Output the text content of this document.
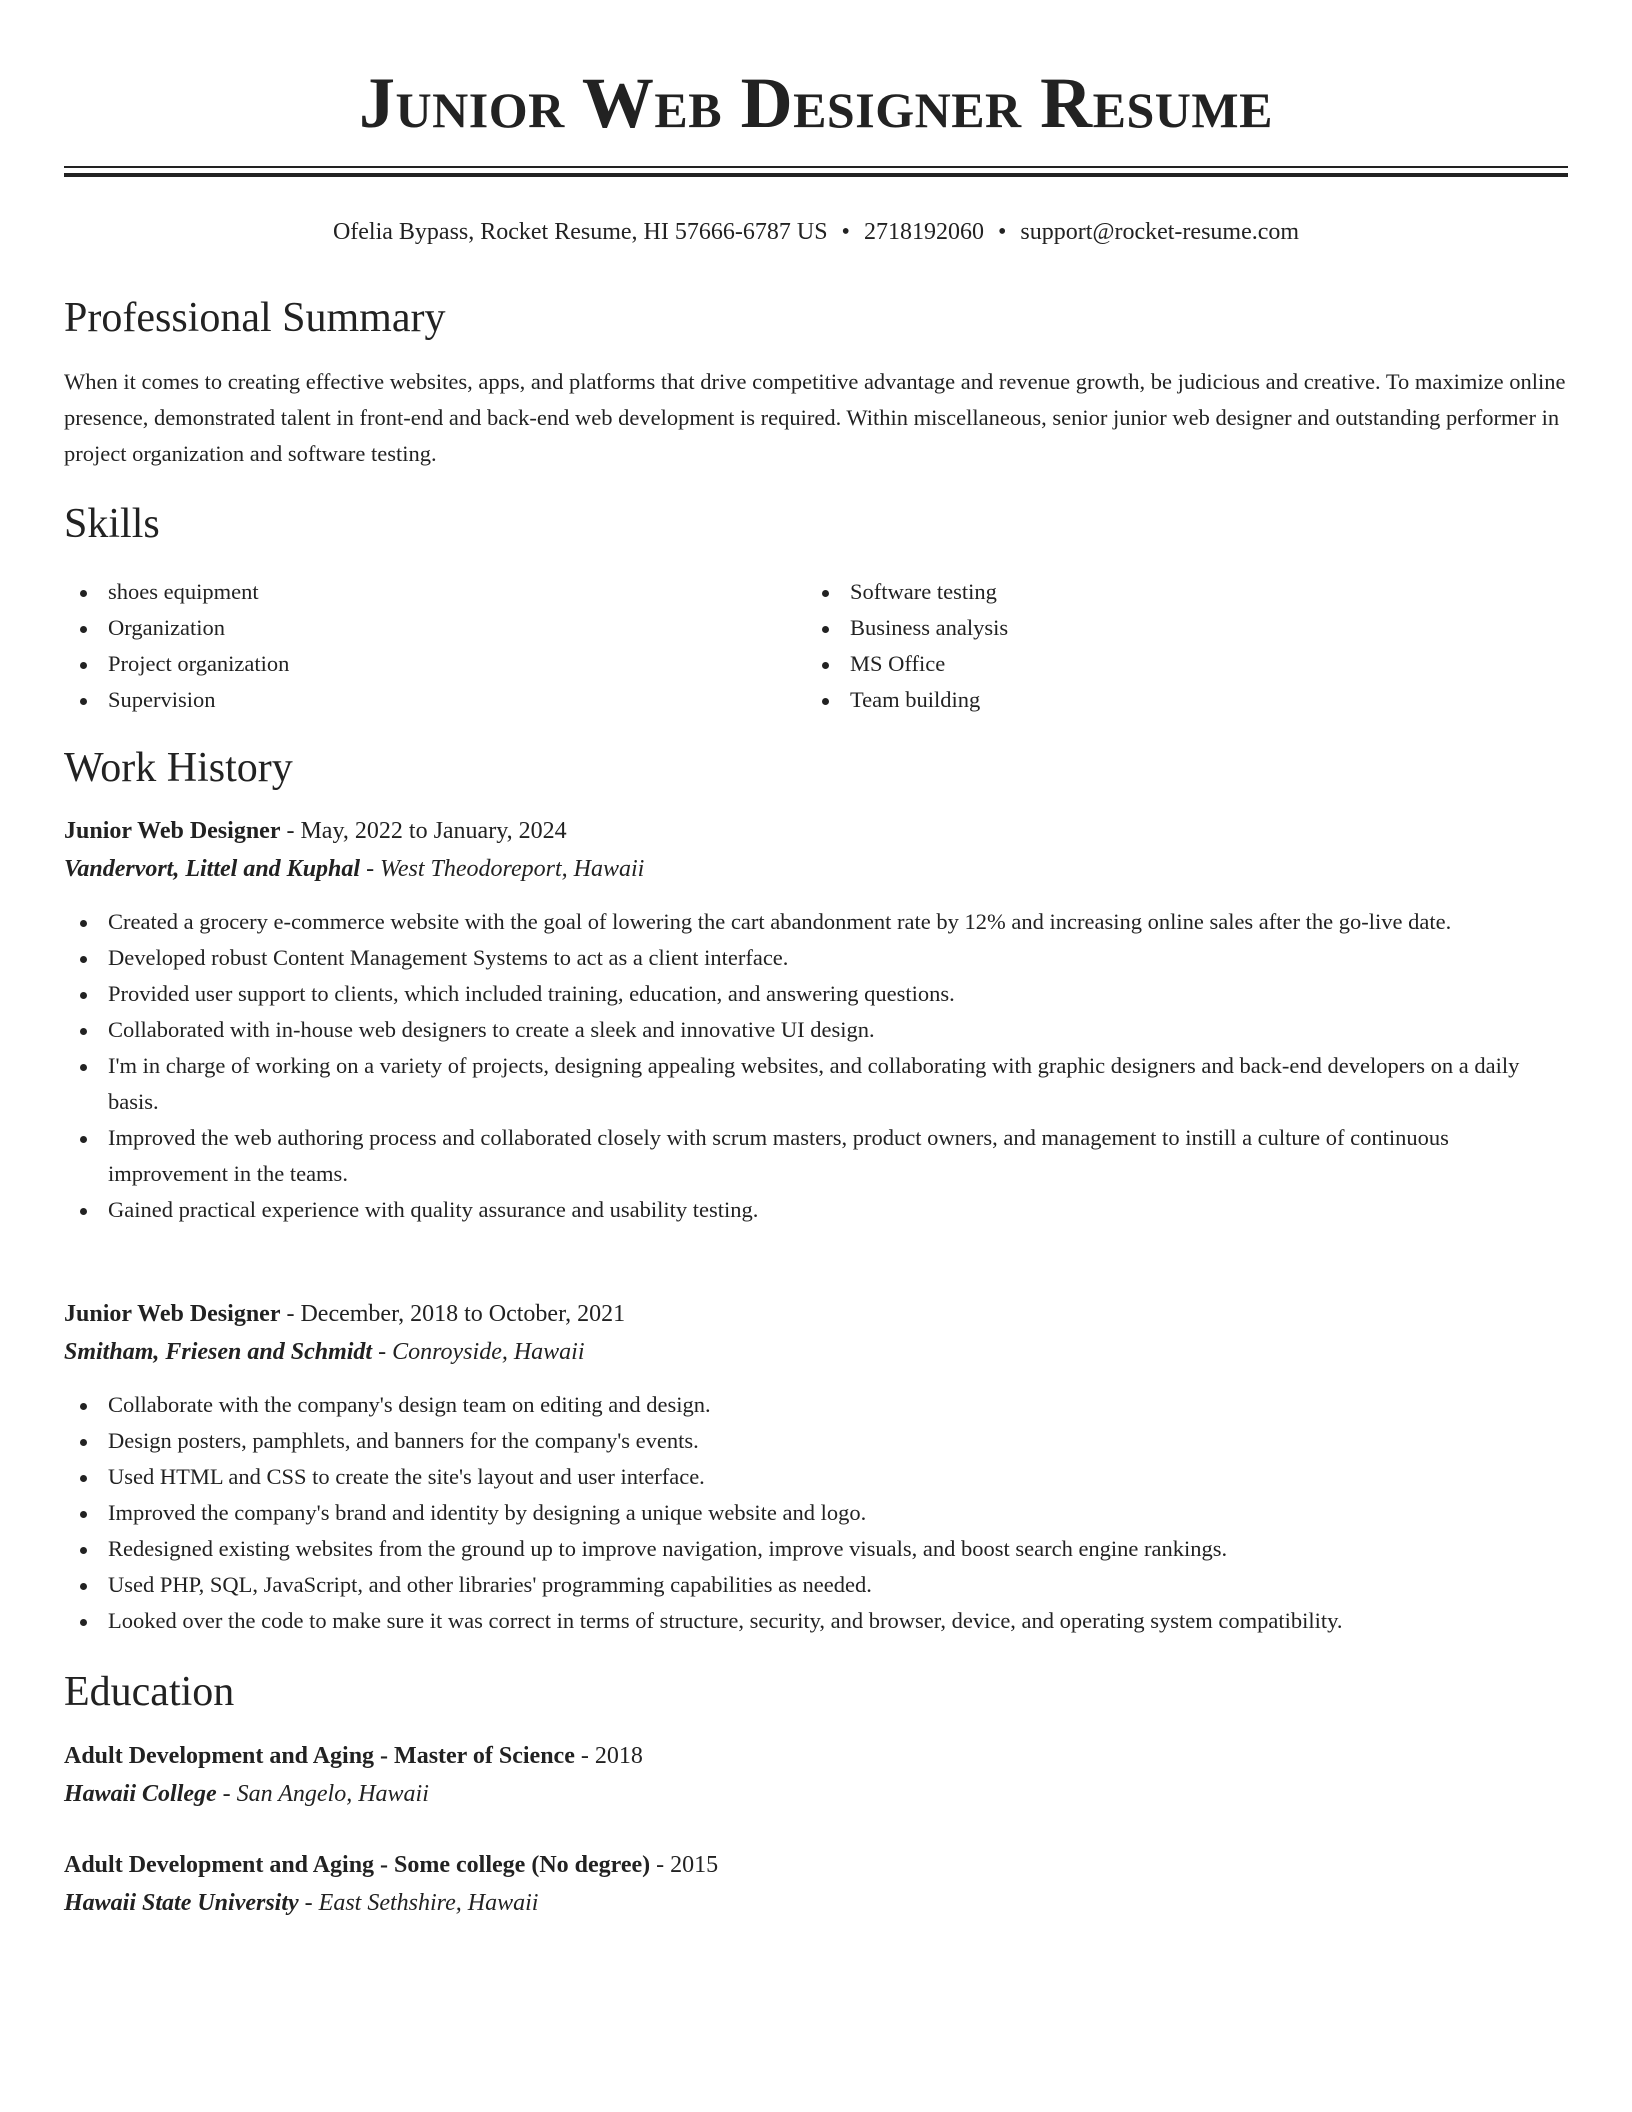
Junior Web Designer Resume
Ofelia Bypass, Rocket Resume, HI 57666-6787 US • 2718192060 • support@rocket-resume.com
Professional Summary
When it comes to creating effective websites, apps, and platforms that drive competitive advantage and revenue growth, be judicious and creative. To maximize online presence, demonstrated talent in front-end and back-end web development is required. Within miscellaneous, senior junior web designer and outstanding performer in project organization and software testing.
Skills
shoes equipment
Organization
Project organization
Supervision
Software testing
Business analysis
MS Office
Team building
Work History
Junior Web Designer - May, 2022 to January, 2024
Vandervort, Littel and Kuphal - West Theodoreport, Hawaii
Created a grocery e-commerce website with the goal of lowering the cart abandonment rate by 12% and increasing online sales after the go-live date.
Developed robust Content Management Systems to act as a client interface.
Provided user support to clients, which included training, education, and answering questions.
Collaborated with in-house web designers to create a sleek and innovative UI design.
I'm in charge of working on a variety of projects, designing appealing websites, and collaborating with graphic designers and back-end developers on a daily basis.
Improved the web authoring process and collaborated closely with scrum masters, product owners, and management to instill a culture of continuous improvement in the teams.
Gained practical experience with quality assurance and usability testing.
Junior Web Designer - December, 2018 to October, 2021
Smitham, Friesen and Schmidt - Conroyside, Hawaii
Collaborate with the company's design team on editing and design.
Design posters, pamphlets, and banners for the company's events.
Used HTML and CSS to create the site's layout and user interface.
Improved the company's brand and identity by designing a unique website and logo.
Redesigned existing websites from the ground up to improve navigation, improve visuals, and boost search engine rankings.
Used PHP, SQL, JavaScript, and other libraries' programming capabilities as needed.
Looked over the code to make sure it was correct in terms of structure, security, and browser, device, and operating system compatibility.
Education
Adult Development and Aging - Master of Science - 2018
Hawaii College - San Angelo, Hawaii
Adult Development and Aging - Some college (No degree) - 2015
Hawaii State University - East Sethshire, Hawaii
